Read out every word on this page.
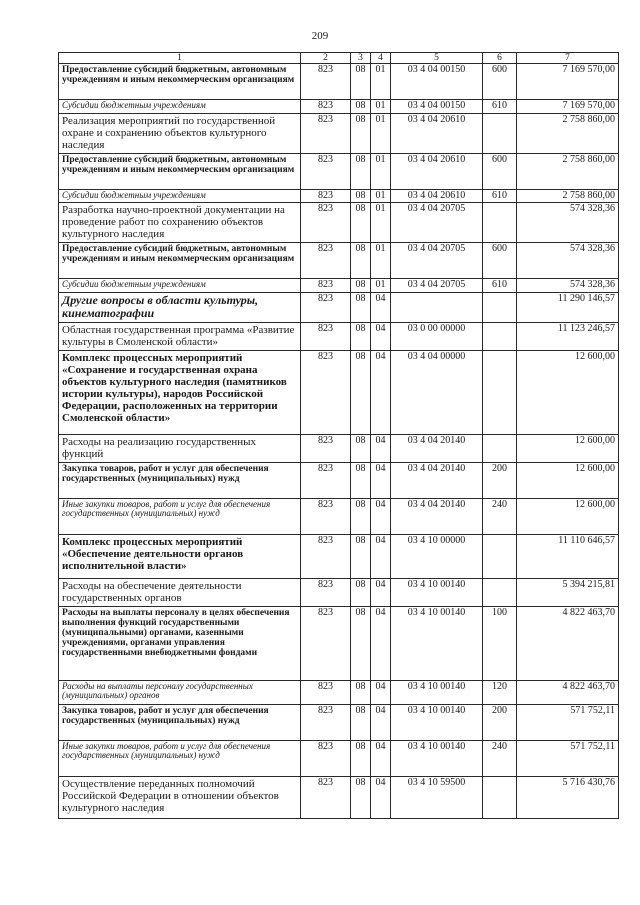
209
1	2	3	4	5	6	7
Предоставление субсидий бюджетным, автономным учреждениям и иным некоммерческим организациям	823	08	01	03 4 04 00150	600	7 169 570,00
Субсидии бюджетным учреждениям	823	08	01	03 4 04 00150	610	7 169 570,00
Реализация мероприятий по государственной охране и сохранению объектов культурного наследия	823	08	01	03 4 04 20610		2 758 860,00
Предоставление субсидий бюджетным, автономным учреждениям и иным некоммерческим организациям	823	08	01	03 4 04 20610	600	2 758 860,00
Субсидии бюджетным учреждениям	823	08	01	03 4 04 20610	610	2 758 860,00
Разработка научно-проектной документации на проведение работ по сохранению объектов культурного наследия	823	08	01	03 4 04 20705		574 328,36
Предоставление субсидий бюджетным, автономным учреждениям и иным некоммерческим организациям	823	08	01	03 4 04 20705	600	574 328,36
Субсидии бюджетным учреждениям	823	08	01	03 4 04 20705	610	574 328,36
Другие вопросы в области культуры, кинематографии	823	08	04			11 290 146,57
Областная государственная программа «Развитие культуры в Смоленской области»	823	08	04	03 0 00 00000		11 123 246,57
Комплекс процессных мероприятий «Сохранение и государственная охрана объектов культурного наследия (памятников истории культуры), народов Российской Федерации, расположенных на территории Смоленской области»	823	08	04	03 4 04 00000		12 600,00
Расходы на реализацию государственных функций	823	08	04	03 4 04 20140		12 600,00
Закупка товаров, работ и услуг для обеспечения государственных (муниципальных) нужд	823	08	04	03 4 04 20140	200	12 600,00
Иные закупки товаров, работ и услуг для обеспечения государственных (муниципальных) нужд	823	08	04	03 4 04 20140	240	12 600,00
Комплекс процессных мероприятий «Обеспечение деятельности органов исполнительной власти»	823	08	04	03 4 10 00000		11 110 646,57
Расходы на обеспечение деятельности государственных органов	823	08	04	03 4 10 00140		5 394 215,81
Расходы на выплаты персоналу в целях обеспечения выполнения функций государственными (муниципальными) органами, казенными учреждениями, органами управления государственными внебюджетными фондами	823	08	04	03 4 10 00140	100	4 822 463,70
Расходы на выплаты персоналу государственных (муниципальных) органов	823	08	04	03 4 10 00140	120	4 822 463,70
Закупка товаров, работ и услуг для обеспечения государственных (муниципальных) нужд	823	08	04	03 4 10 00140	200	571 752,11
Иные закупки товаров, работ и услуг для обеспечения государственных (муниципальных) нужд	823	08	04	03 4 10 00140	240	571 752,11
Осуществление переданных полномочий Российской Федерации в отношении объектов культурного наследия	823	08	04	03 4 10 59500		5 716 430,76
